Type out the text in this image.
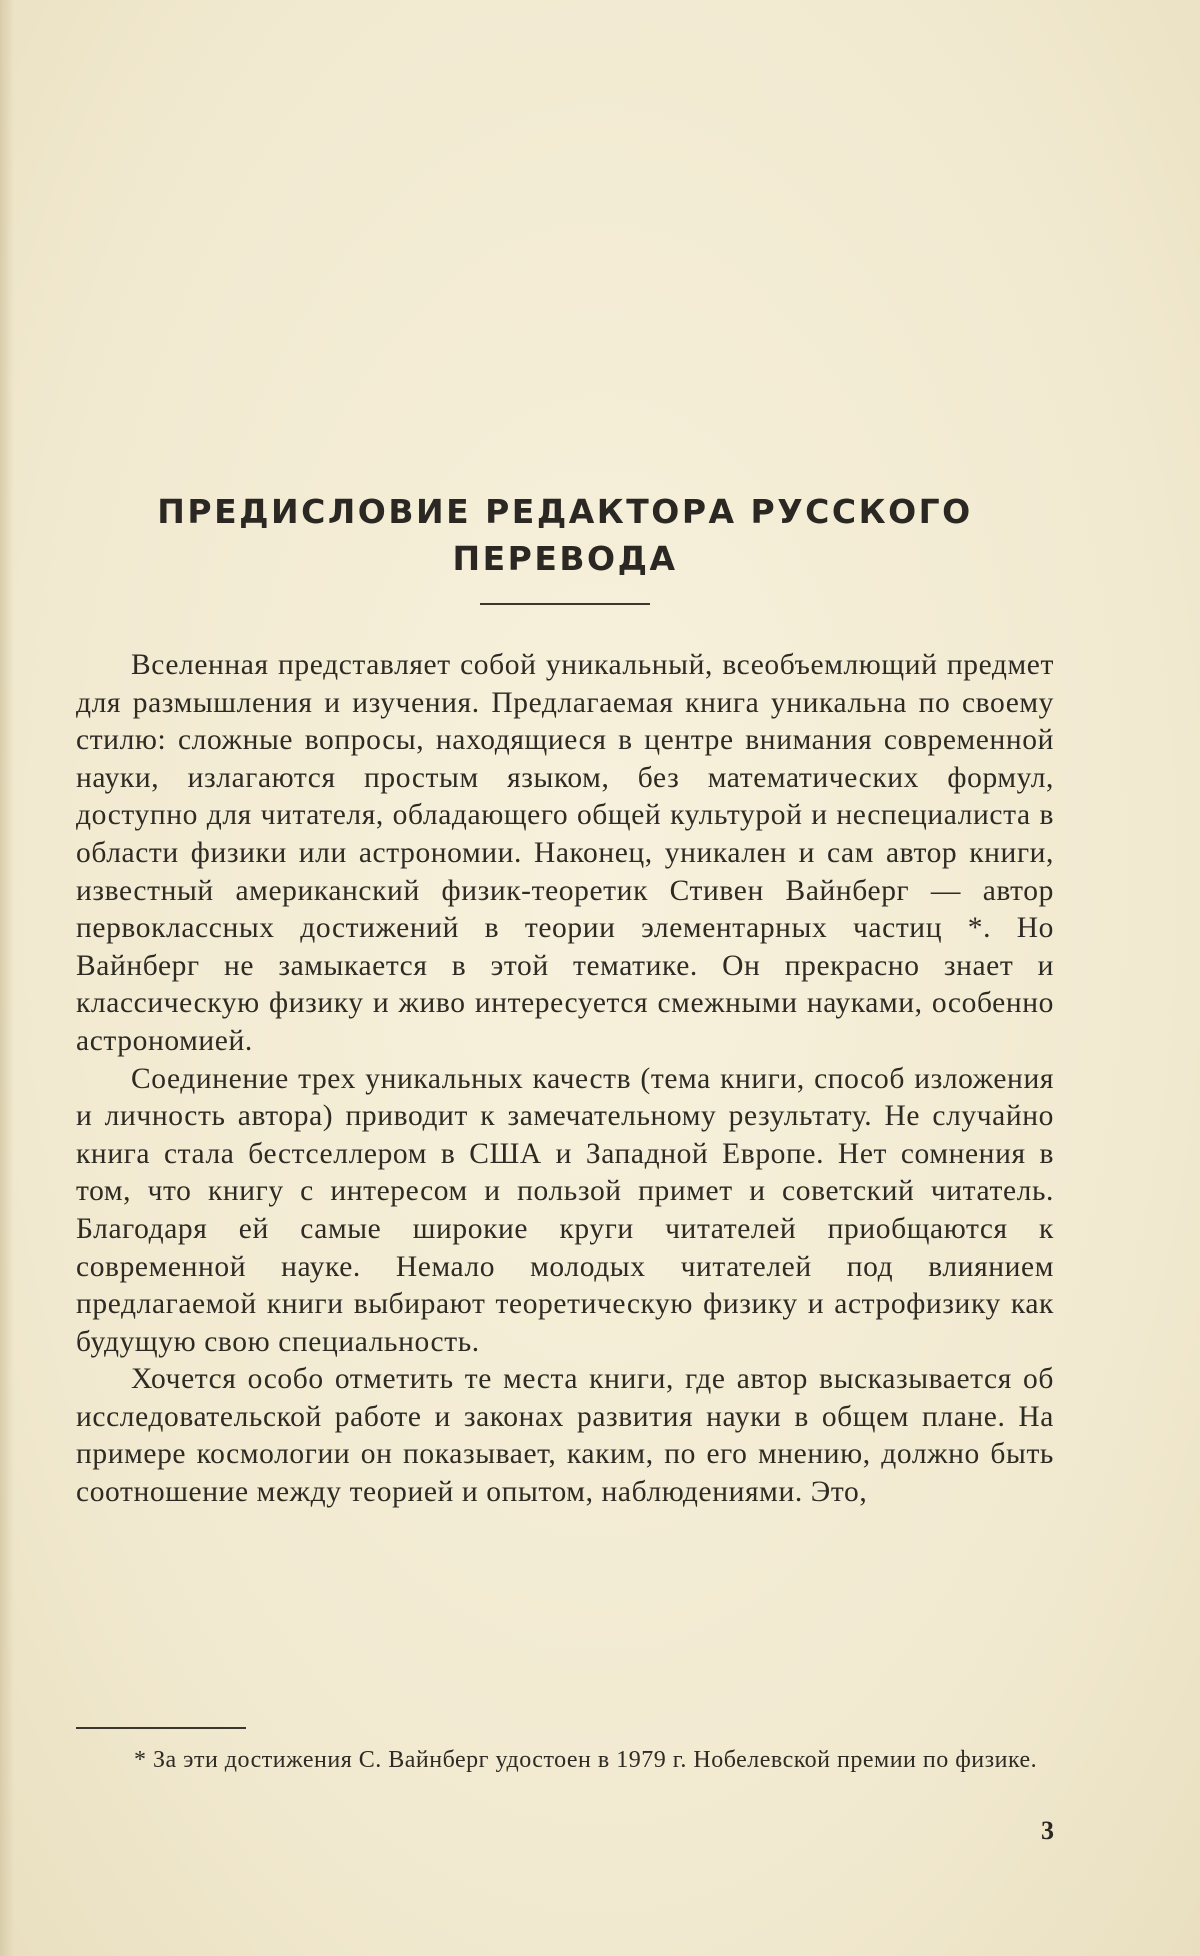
ПРЕДИСЛОВИЕ РЕДАКТОРА РУССКОГО ПЕРЕВОДА

Вселенная представляет собой уникальный, всеобъемлющий предмет для размышления и изучения. Предлагаемая книга уникальна по своему стилю: сложные вопросы, находящиеся в центре внимания современной науки, излагаются простым языком, без математических формул, доступно для читателя, обладающего общей культурой и неспециалиста в области физики или астрономии. Наконец, уникален и сам автор книги, известный американский физик-теоретик Стивен Вайнберг — автор первоклассных достижений в теории элементарных частиц *. Но Вайнберг не замыкается в этой тематике. Он прекрасно знает и классическую физику и живо интересуется смежными науками, особенно астрономией.

Соединение трех уникальных качеств (тема книги, способ изложения и личность автора) приводит к замечательному результату. Не случайно книга стала бестселлером в США и Западной Европе. Нет сомнения в том, что книгу с интересом и пользой примет и советский читатель. Благодаря ей самые широкие круги читателей приобщаются к современной науке. Немало молодых читателей под влиянием предлагаемой книги выбирают теоретическую физику и астрофизику как будущую свою специальность.

Хочется особо отметить те места книги, где автор высказывается об исследовательской работе и законах развития науки в общем плане. На примере космологии он показывает, каким, по его мнению, должно быть соотношение между теорией и опытом, наблюдениями. Это,

* За эти достижения С. Вайнберг удостоен в 1979 г. Нобелевской премии по физике.

3
